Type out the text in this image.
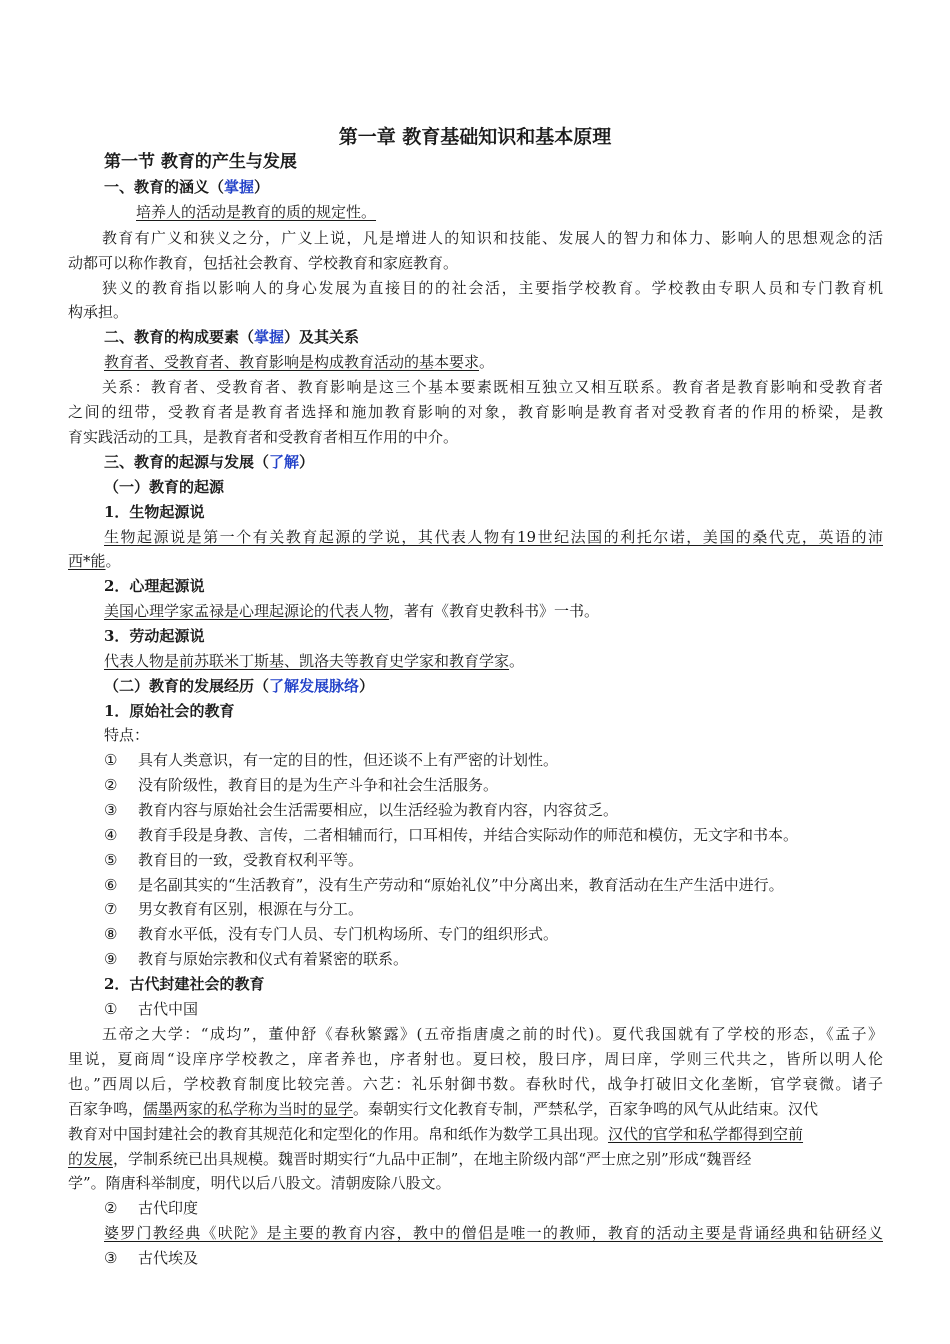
第一章 教育基础知识和基本原理
第一节 教育的产生与发展
一、教育的涵义（掌握）
培养人的活动是教育的质的规定性。
教育有广义和狭义之分，广义上说，凡是增进人的知识和技能、发展人的智力和体力、影响人的思想观念的活
动都可以称作教育，包括社会教育、学校教育和家庭教育。
狭义的教育指以影响人的身心发展为直接目的的社会活，主要指学校教育。学校教由专职人员和专门教育机
构承担。
二、教育的构成要素（掌握）及其关系
教育者、受教育者、教育影响是构成教育活动的基本要求。
关系：教育者、受教育者、教育影响是这三个基本要素既相互独立又相互联系。教育者是教育影响和受教育者
之间的纽带，受教育者是教育者选择和施加教育影响的对象，教育影响是教育者对受教育者的作用的桥梁，是教
育实践活动的工具，是教育者和受教育者相互作用的中介。
三、教育的起源与发展（了解）
（一）教育的起源
1．生物起源说
生物起源说是第一个有关教育起源的学说，其代表人物有19世纪法国的利托尔诺，美国的桑代克，英语的沛
西*能。
2．心理起源说
美国心理学家孟禄是心理起源论的代表人物，著有《教育史教科书》一书。
3．劳动起源说
代表人物是前苏联米丁斯基、凯洛夫等教育史学家和教育学家。
（二）教育的发展经历（了解发展脉络）
1．原始社会的教育
特点：
① 具有人类意识，有一定的目的性，但还谈不上有严密的计划性。
② 没有阶级性，教育目的是为生产斗争和社会生活服务。
③ 教育内容与原始社会生活需要相应，以生活经验为教育内容，内容贫乏。
④ 教育手段是身教、言传，二者相辅而行，口耳相传，并结合实际动作的师范和模仿，无文字和书本。
⑤ 教育目的一致，受教育权利平等。
⑥ 是名副其实的“生活教育”，没有生产劳动和“原始礼仪”中分离出来，教育活动在生产生活中进行。
⑦ 男女教育有区别，根源在与分工。
⑧ 教育水平低，没有专门人员、专门机构场所、专门的组织形式。
⑨ 教育与原始宗教和仪式有着紧密的联系。
2．古代封建社会的教育
① 古代中国
五帝之大学：“成均”，董仲舒《春秋繁露》(五帝指唐虞之前的时代)。夏代我国就有了学校的形态，《孟子》
里说，夏商周“设庠序学校教之，庠者养也，序者射也。夏曰校，殷曰序，周曰庠，学则三代共之，皆所以明人伦
也。”西周以后，学校教育制度比较完善。六艺：礼乐射御书数。春秋时代，战争打破旧文化垄断，官学衰微。诸子
百家争鸣，儒墨两家的私学称为当时的显学。秦朝实行文化教育专制，严禁私学，百家争鸣的风气从此结束。汉代
教育对中国封建社会的教育其规范化和定型化的作用。帛和纸作为数学工具出现。汉代的官学和私学都得到空前
的发展，学制系统已出具规模。魏晋时期实行“九品中正制”，在地主阶级内部“严士庶之别”形成“魏晋经
学”。隋唐科举制度，明代以后八股文。清朝废除八股文。
② 古代印度
婆罗门教经典《吠陀》是主要的教育内容，教中的僧侣是唯一的教师，教育的活动主要是背诵经典和钻研经义
③ 古代埃及
